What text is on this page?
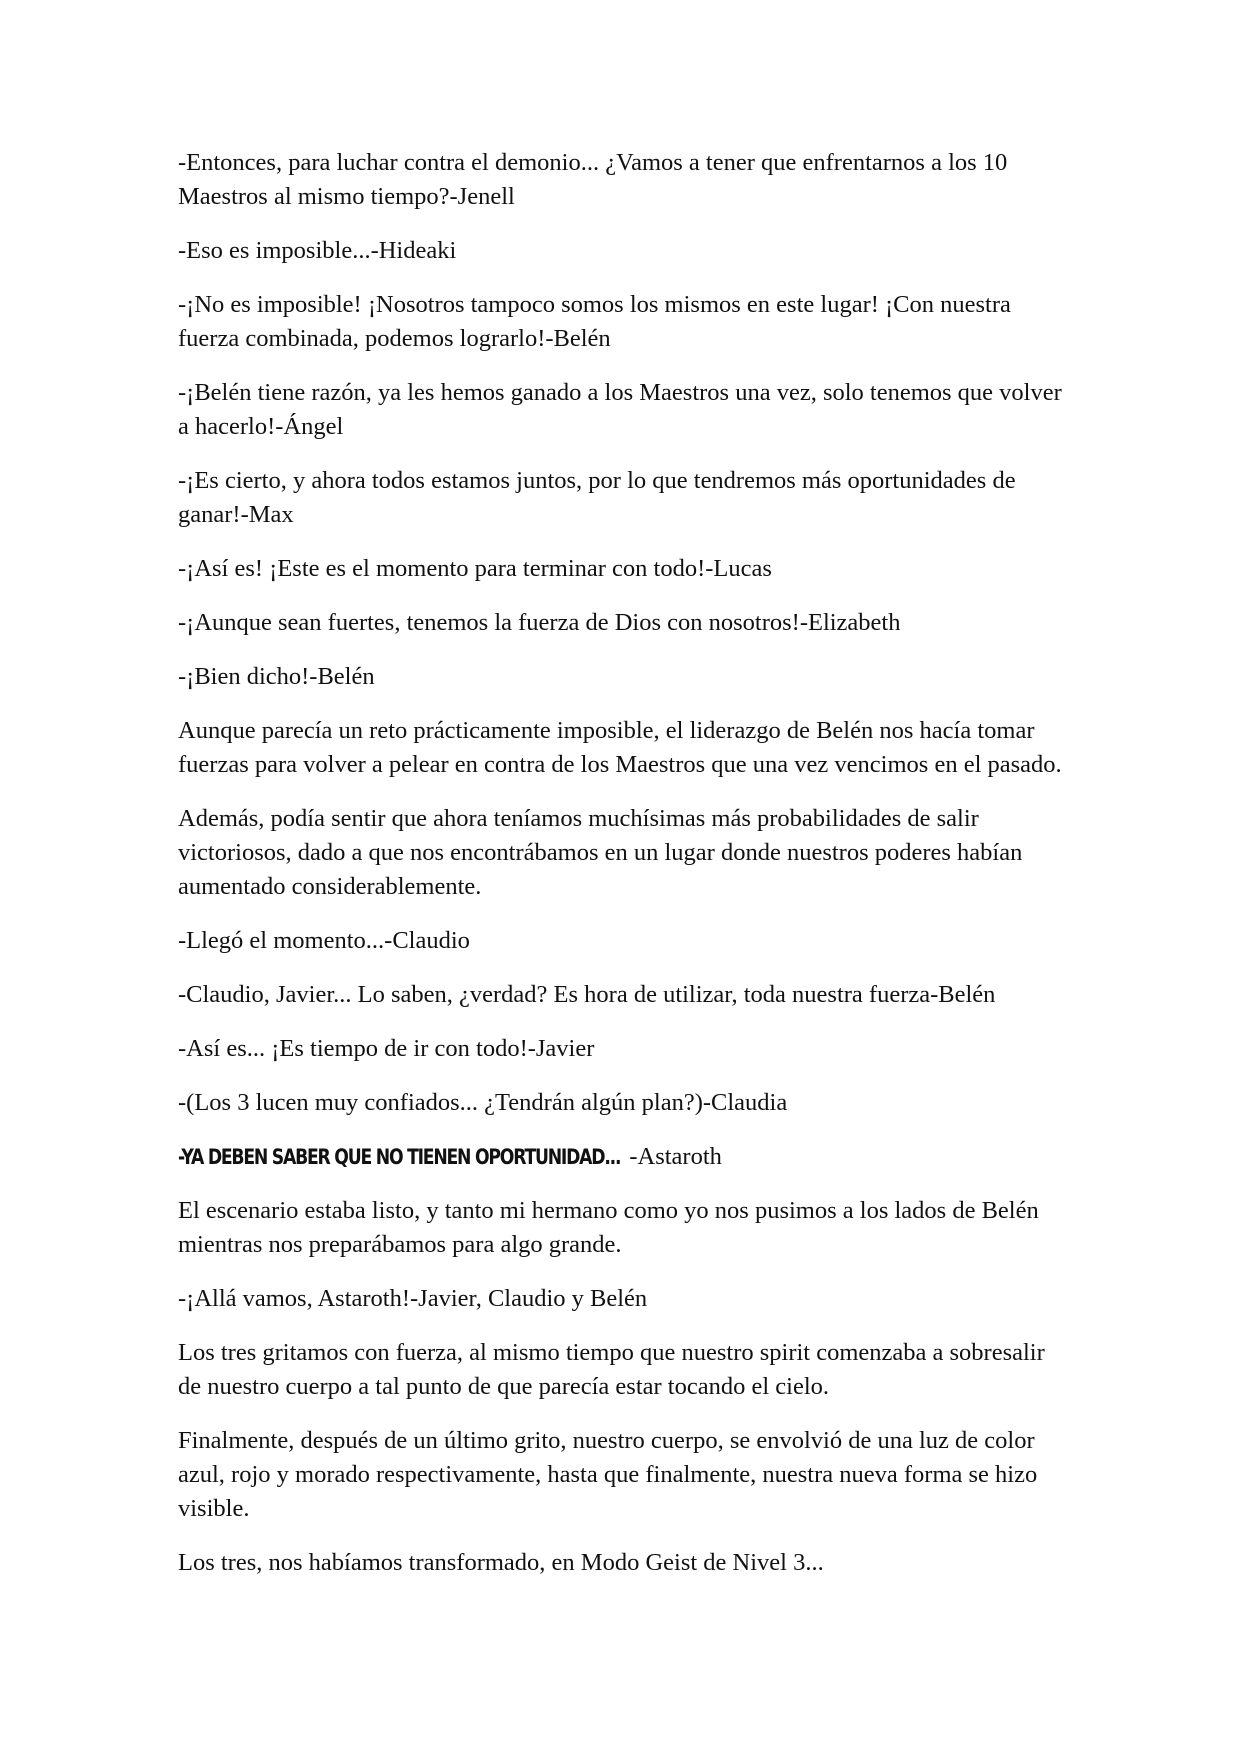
-Entonces, para luchar contra el demonio... ¿Vamos a tener que enfrentarnos a los 10 Maestros al mismo tiempo?-Jenell

-Eso es imposible...-Hideaki

-¡No es imposible! ¡Nosotros tampoco somos los mismos en este lugar! ¡Con nuestra fuerza combinada, podemos lograrlo!-Belén

-¡Belén tiene razón, ya les hemos ganado a los Maestros una vez, solo tenemos que volver a hacerlo!-Ángel

-¡Es cierto, y ahora todos estamos juntos, por lo que tendremos más oportunidades de ganar!-Max

-¡Así es! ¡Este es el momento para terminar con todo!-Lucas

-¡Aunque sean fuertes, tenemos la fuerza de Dios con nosotros!-Elizabeth

-¡Bien dicho!-Belén

Aunque parecía un reto prácticamente imposible, el liderazgo de Belén nos hacía tomar fuerzas para volver a pelear en contra de los Maestros que una vez vencimos en el pasado.

Además, podía sentir que ahora teníamos muchísimas más probabilidades de salir victoriosos, dado a que nos encontrábamos en un lugar donde nuestros poderes habían aumentado considerablemente.

-Llegó el momento...-Claudio

-Claudio, Javier... Lo saben, ¿verdad? Es hora de utilizar, toda nuestra fuerza-Belén

-Así es... ¡Es tiempo de ir con todo!-Javier

-(Los 3 lucen muy confiados... ¿Tendrán algún plan?)-Claudia

-YA DEBEN SABER QUE NO TIENEN OPORTUNIDAD... -Astaroth

El escenario estaba listo, y tanto mi hermano como yo nos pusimos a los lados de Belén mientras nos preparábamos para algo grande.

-¡Allá vamos, Astaroth!-Javier, Claudio y Belén

Los tres gritamos con fuerza, al mismo tiempo que nuestro spirit comenzaba a sobresalir de nuestro cuerpo a tal punto de que parecía estar tocando el cielo.

Finalmente, después de un último grito, nuestro cuerpo, se envolvió de una luz de color azul, rojo y morado respectivamente, hasta que finalmente, nuestra nueva forma se hizo visible.

Los tres, nos habíamos transformado, en Modo Geist de Nivel 3...
